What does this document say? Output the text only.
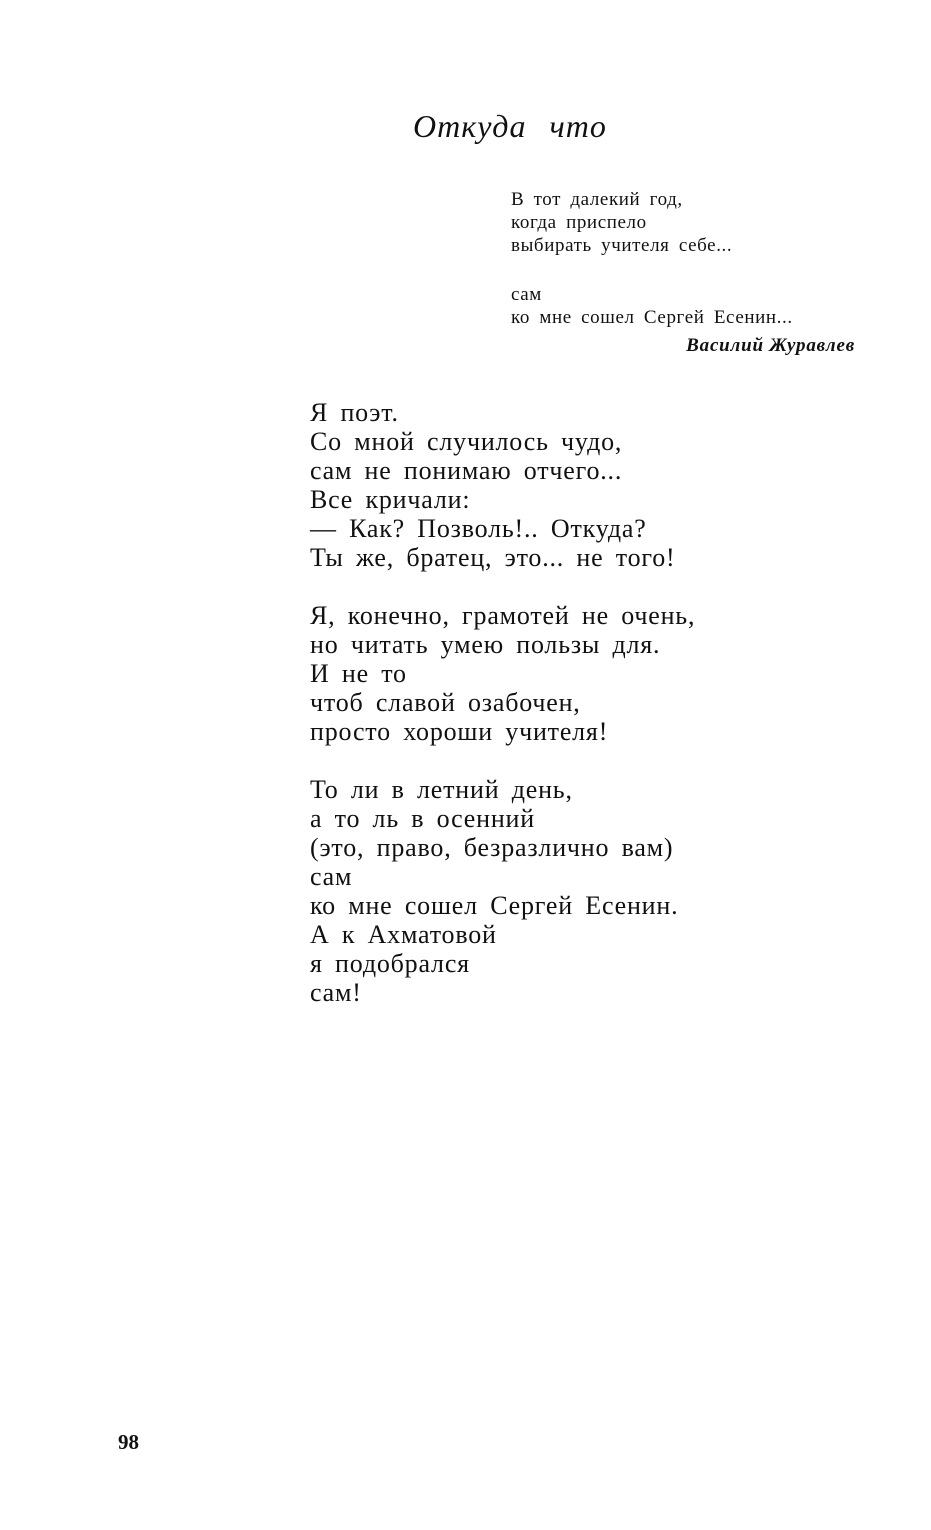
Откуда что
В тот далекий год,
когда приспело
выбирать учителя себе...
сам
ко мне сошел Сергей Есенин...
Василий Журавлев
Я поэт.
Со мной случилось чудо,
сам не понимаю отчего...
Все кричали:
— Как? Позволь!.. Откуда?
Ты же, братец, это... не того!
Я, конечно, грамотей не очень,
но читать умею пользы для.
И не то
чтоб славой озабочен,
просто хороши учителя!
То ли в летний день,
а то ль в осенний
(это, право, безразлично вам)
сам
ко мне сошел Сергей Есенин.
А к Ахматовой
я подобрался
сам!
98
